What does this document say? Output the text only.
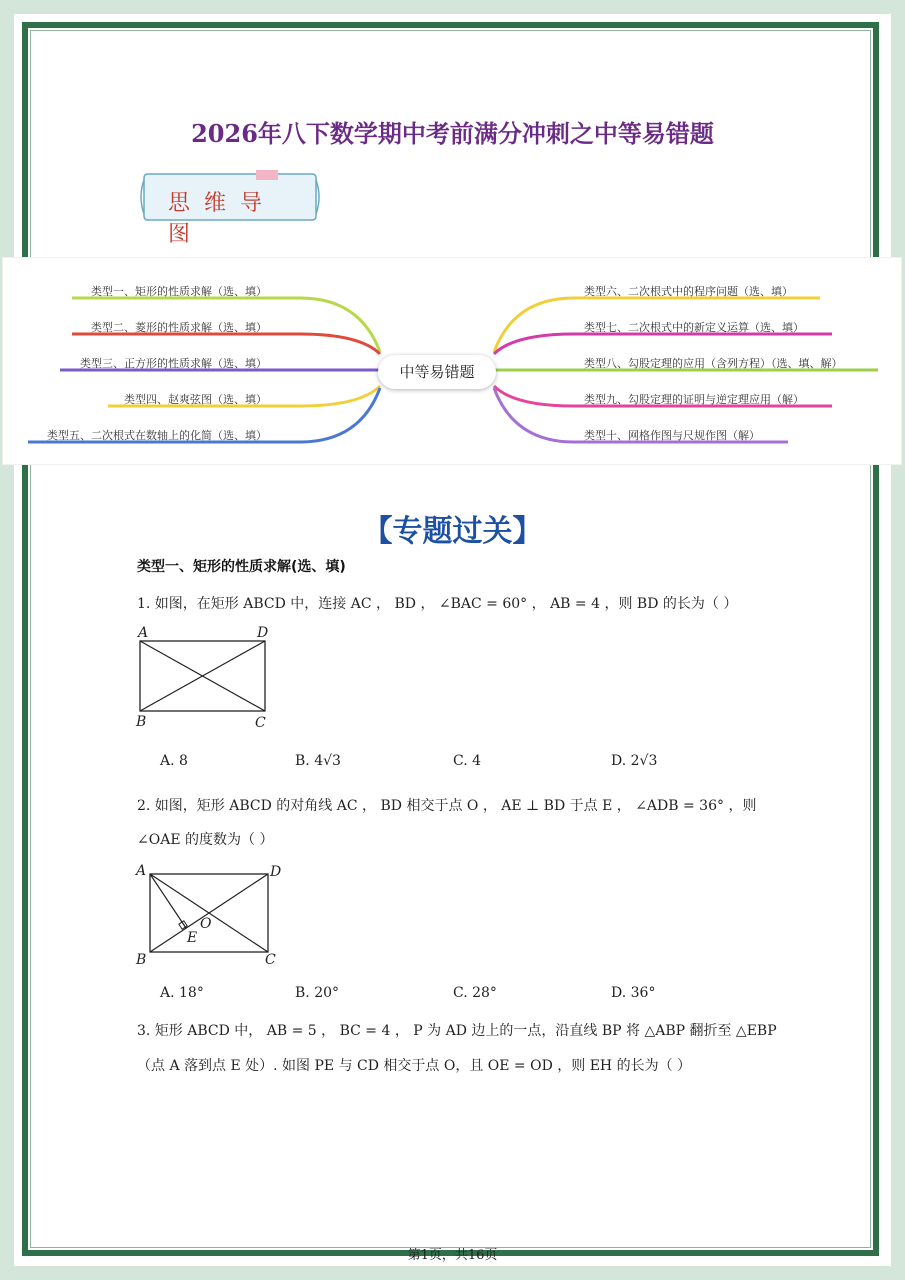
2026年八下数学期中考前满分冲刺之中等易错题
思维导图
中等易错题
类型一、矩形的性质求解（选、填）
类型二、菱形的性质求解（选、填）
类型三、正方形的性质求解（选、填）
类型四、赵爽弦图（选、填）
类型五、二次根式在数轴上的化简（选、填）
类型六、二次根式中的程序问题（选、填）
类型七、二次根式中的新定义运算（选、填）
类型八、勾股定理的应用（含列方程）（选、填、解）
类型九、勾股定理的证明与逆定理应用（解）
类型十、网格作图与尺规作图（解）
【专题过关】
类型一、矩形的性质求解(选、填)
1. 如图，在矩形 ABCD 中，连接 AC ， BD ， ∠BAC = 60° ， AB = 4 ，则 BD 的长为（ ）
A	D
B	C
A. 8	B. 4√3	C. 4	D. 2√3
2. 如图，矩形 ABCD 的对角线 AC ， BD 相交于点 O ， AE ⊥ BD 于点 E ， ∠ADB = 36° ，则
∠OAE 的度数为（ ）
A	D
B	C
O
E
A. 18°	B. 20°	C. 28°	D. 36°
3. 矩形 ABCD 中， AB = 5 ， BC = 4 ， P 为 AD 边上的一点，沿直线 BP 将 △ABP 翻折至 △EBP
（点 A 落到点 E 处）. 如图 PE 与 CD 相交于点 O，且 OE = OD ，则 EH 的长为（ ）
第1页，共16页
